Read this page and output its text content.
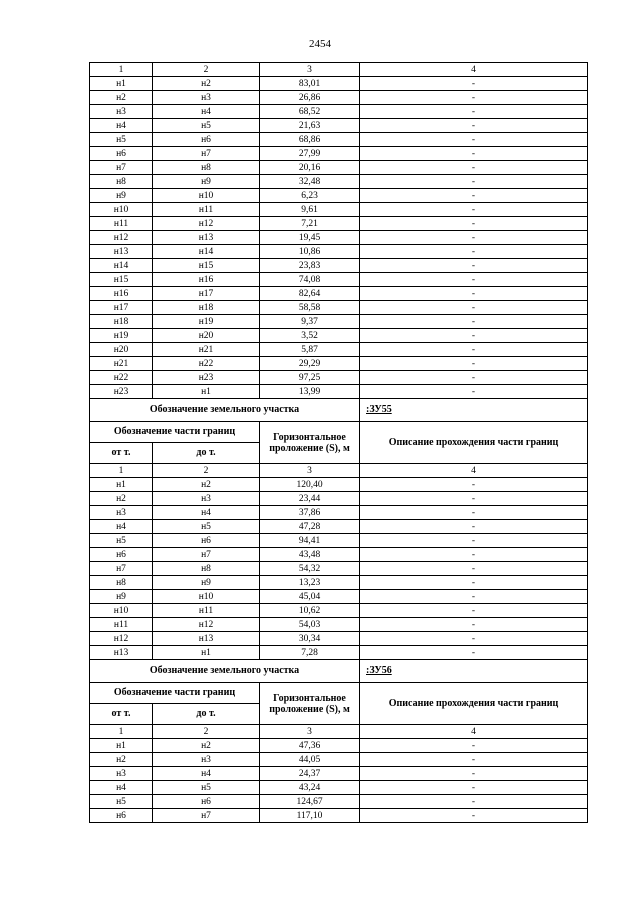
2454
1	2	3	4
н1	н2	83,01	-
н2	н3	26,86	-
н3	н4	68,52	-
н4	н5	21,63	-
н5	н6	68,86	-
н6	н7	27,99	-
н7	н8	20,16	-
н8	н9	32,48	-
н9	н10	6,23	-
н10	н11	9,61	-
н11	н12	7,21	-
н12	н13	19,45	-
н13	н14	10,86	-
н14	н15	23,83	-
н15	н16	74,08	-
н16	н17	82,64	-
н17	н18	58,58	-
н18	н19	9,37	-
н19	н20	3,52	-
н20	н21	5,87	-
н21	н22	29,29	-
н22	н23	97,25	-
н23	н1	13,99	-
Обозначение земельного участка			:ЗУ55
Обозначение части границ		Горизонтальное проложение (S), м	Описание прохождения части границ
от т.	до т.		
1	2	3	4
н1	н2	120,40	-
н2	н3	23,44	-
н3	н4	37,86	-
н4	н5	47,28	-
н5	н6	94,41	-
н6	н7	43,48	-
н7	н8	54,32	-
н8	н9	13,23	-
н9	н10	45,04	-
н10	н11	10,62	-
н11	н12	54,03	-
н12	н13	30,34	-
н13	н1	7,28	-
Обозначение земельного участка			:ЗУ56
Обозначение части границ		Горизонтальное проложение (S), м	Описание прохождения части границ
от т.	до т.		
1	2	3	4
н1	н2	47,36	-
н2	н3	44,05	-
н3	н4	24,37	-
н4	н5	43,24	-
н5	н6	124,67	-
н6	н7	117,10	-
